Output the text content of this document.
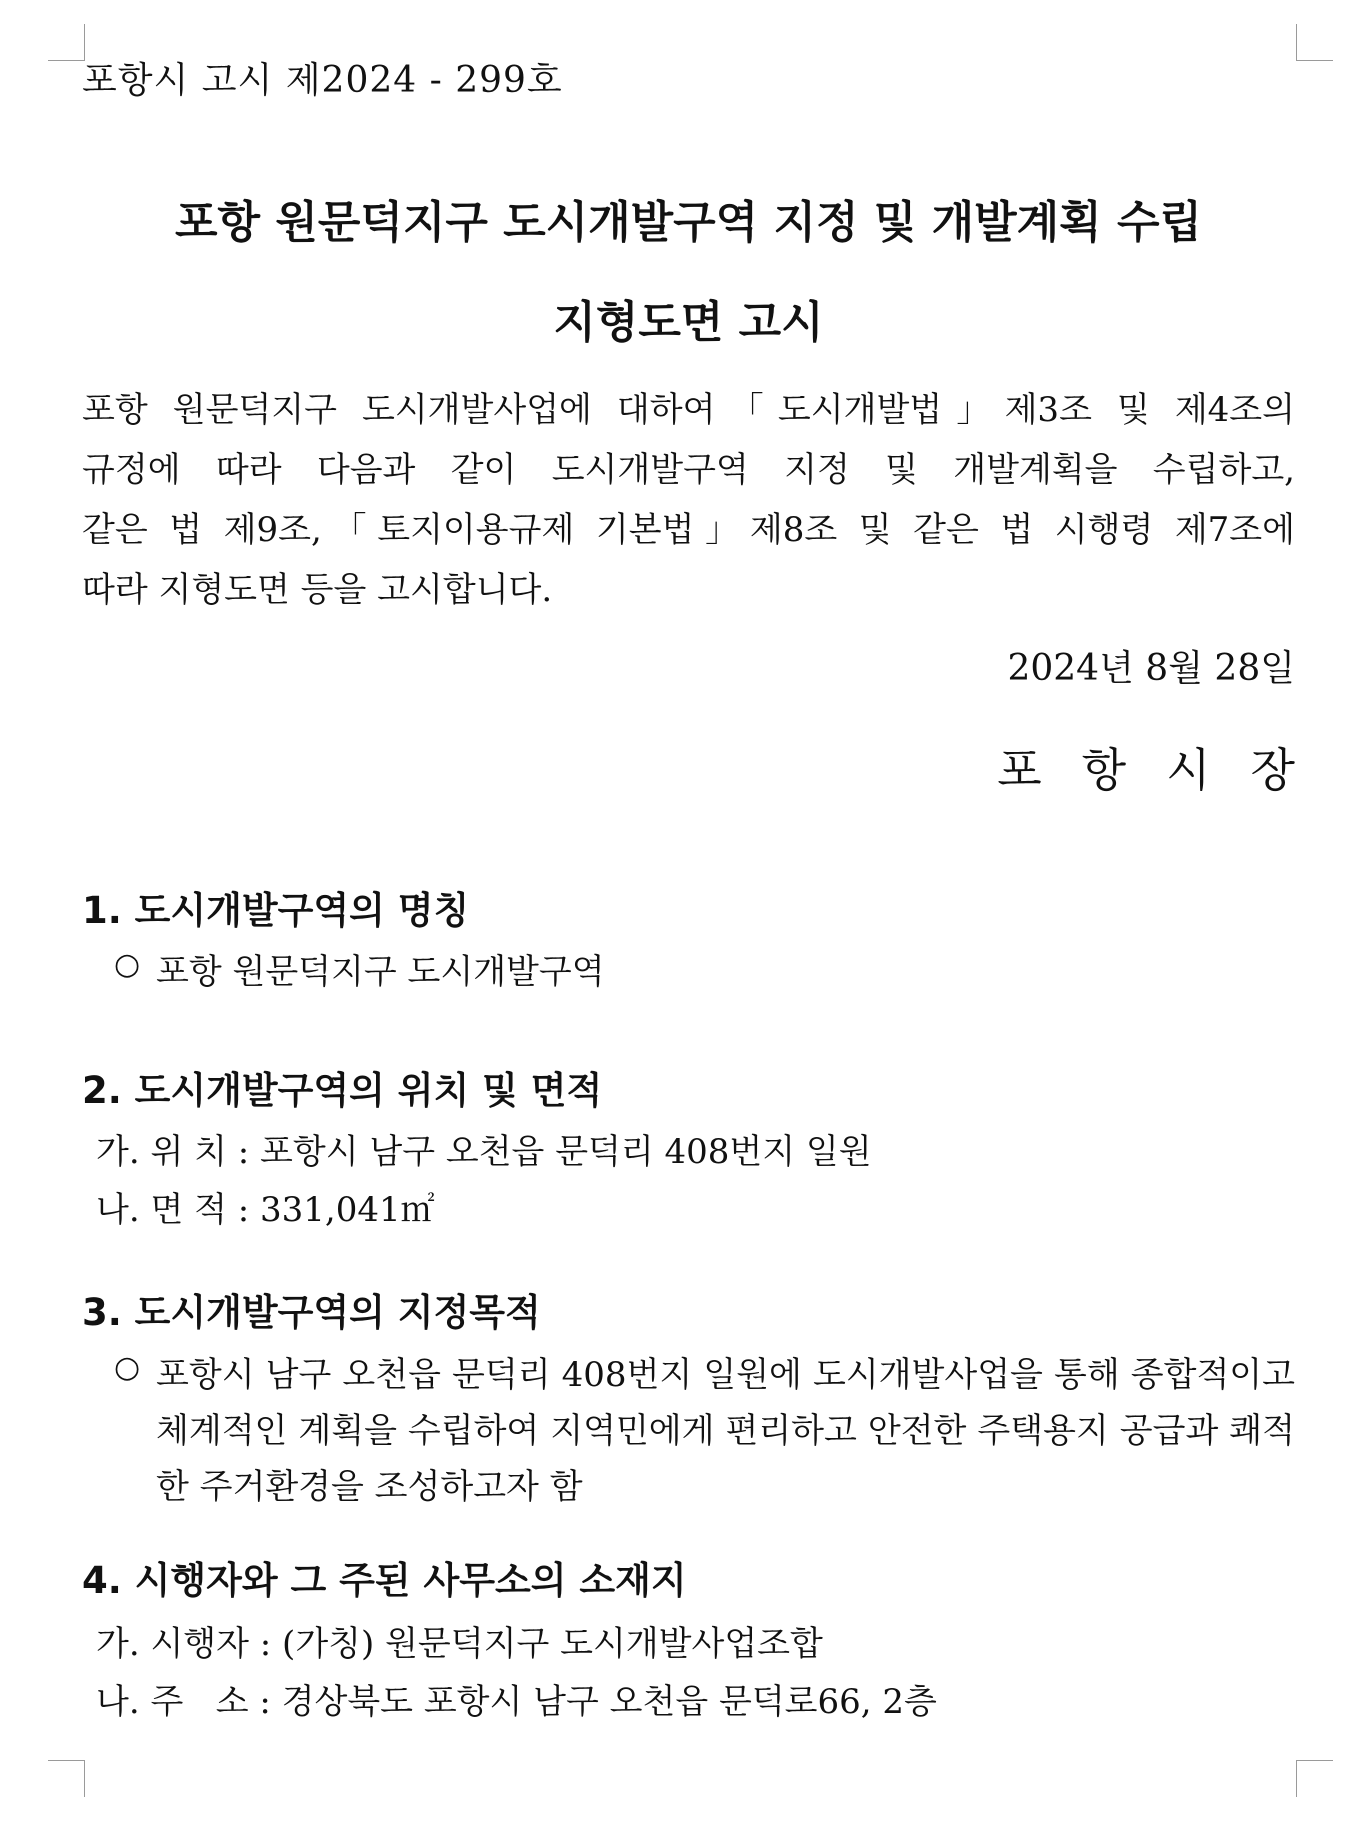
포항시 고시 제2024 - 299호
포항 원문덕지구 도시개발구역 지정 및 개발계획 수립
지형도면 고시
포항 원문덕지구 도시개발사업에 대하여「도시개발법」제3조 및 제4조의
규정에 따라 다음과 같이 도시개발구역 지정 및 개발계획을 수립하고,
같은 법 제9조,「토지이용규제 기본법」제8조 및 같은 법 시행령 제7조에
따라 지형도면 등을 고시합니다.
2024년 8월 28일
포항시장
1. 도시개발구역의 명칭
○ 포항 원문덕지구 도시개발구역
2. 도시개발구역의 위치 및 면적
가. 위 치 : 포항시 남구 오천읍 문덕리 408번지 일원
나. 면 적 : 331,041㎡
3. 도시개발구역의 지정목적
○ 포항시 남구 오천읍 문덕리 408번지 일원에 도시개발사업을 통해 종합적이고
체계적인 계획을 수립하여 지역민에게 편리하고 안전한 주택용지 공급과 쾌적
한 주거환경을 조성하고자 함
4. 시행자와 그 주된 사무소의 소재지
가. 시행자 : (가칭) 원문덕지구 도시개발사업조합
나. 주   소 : 경상북도 포항시 남구 오천읍 문덕로66, 2층
